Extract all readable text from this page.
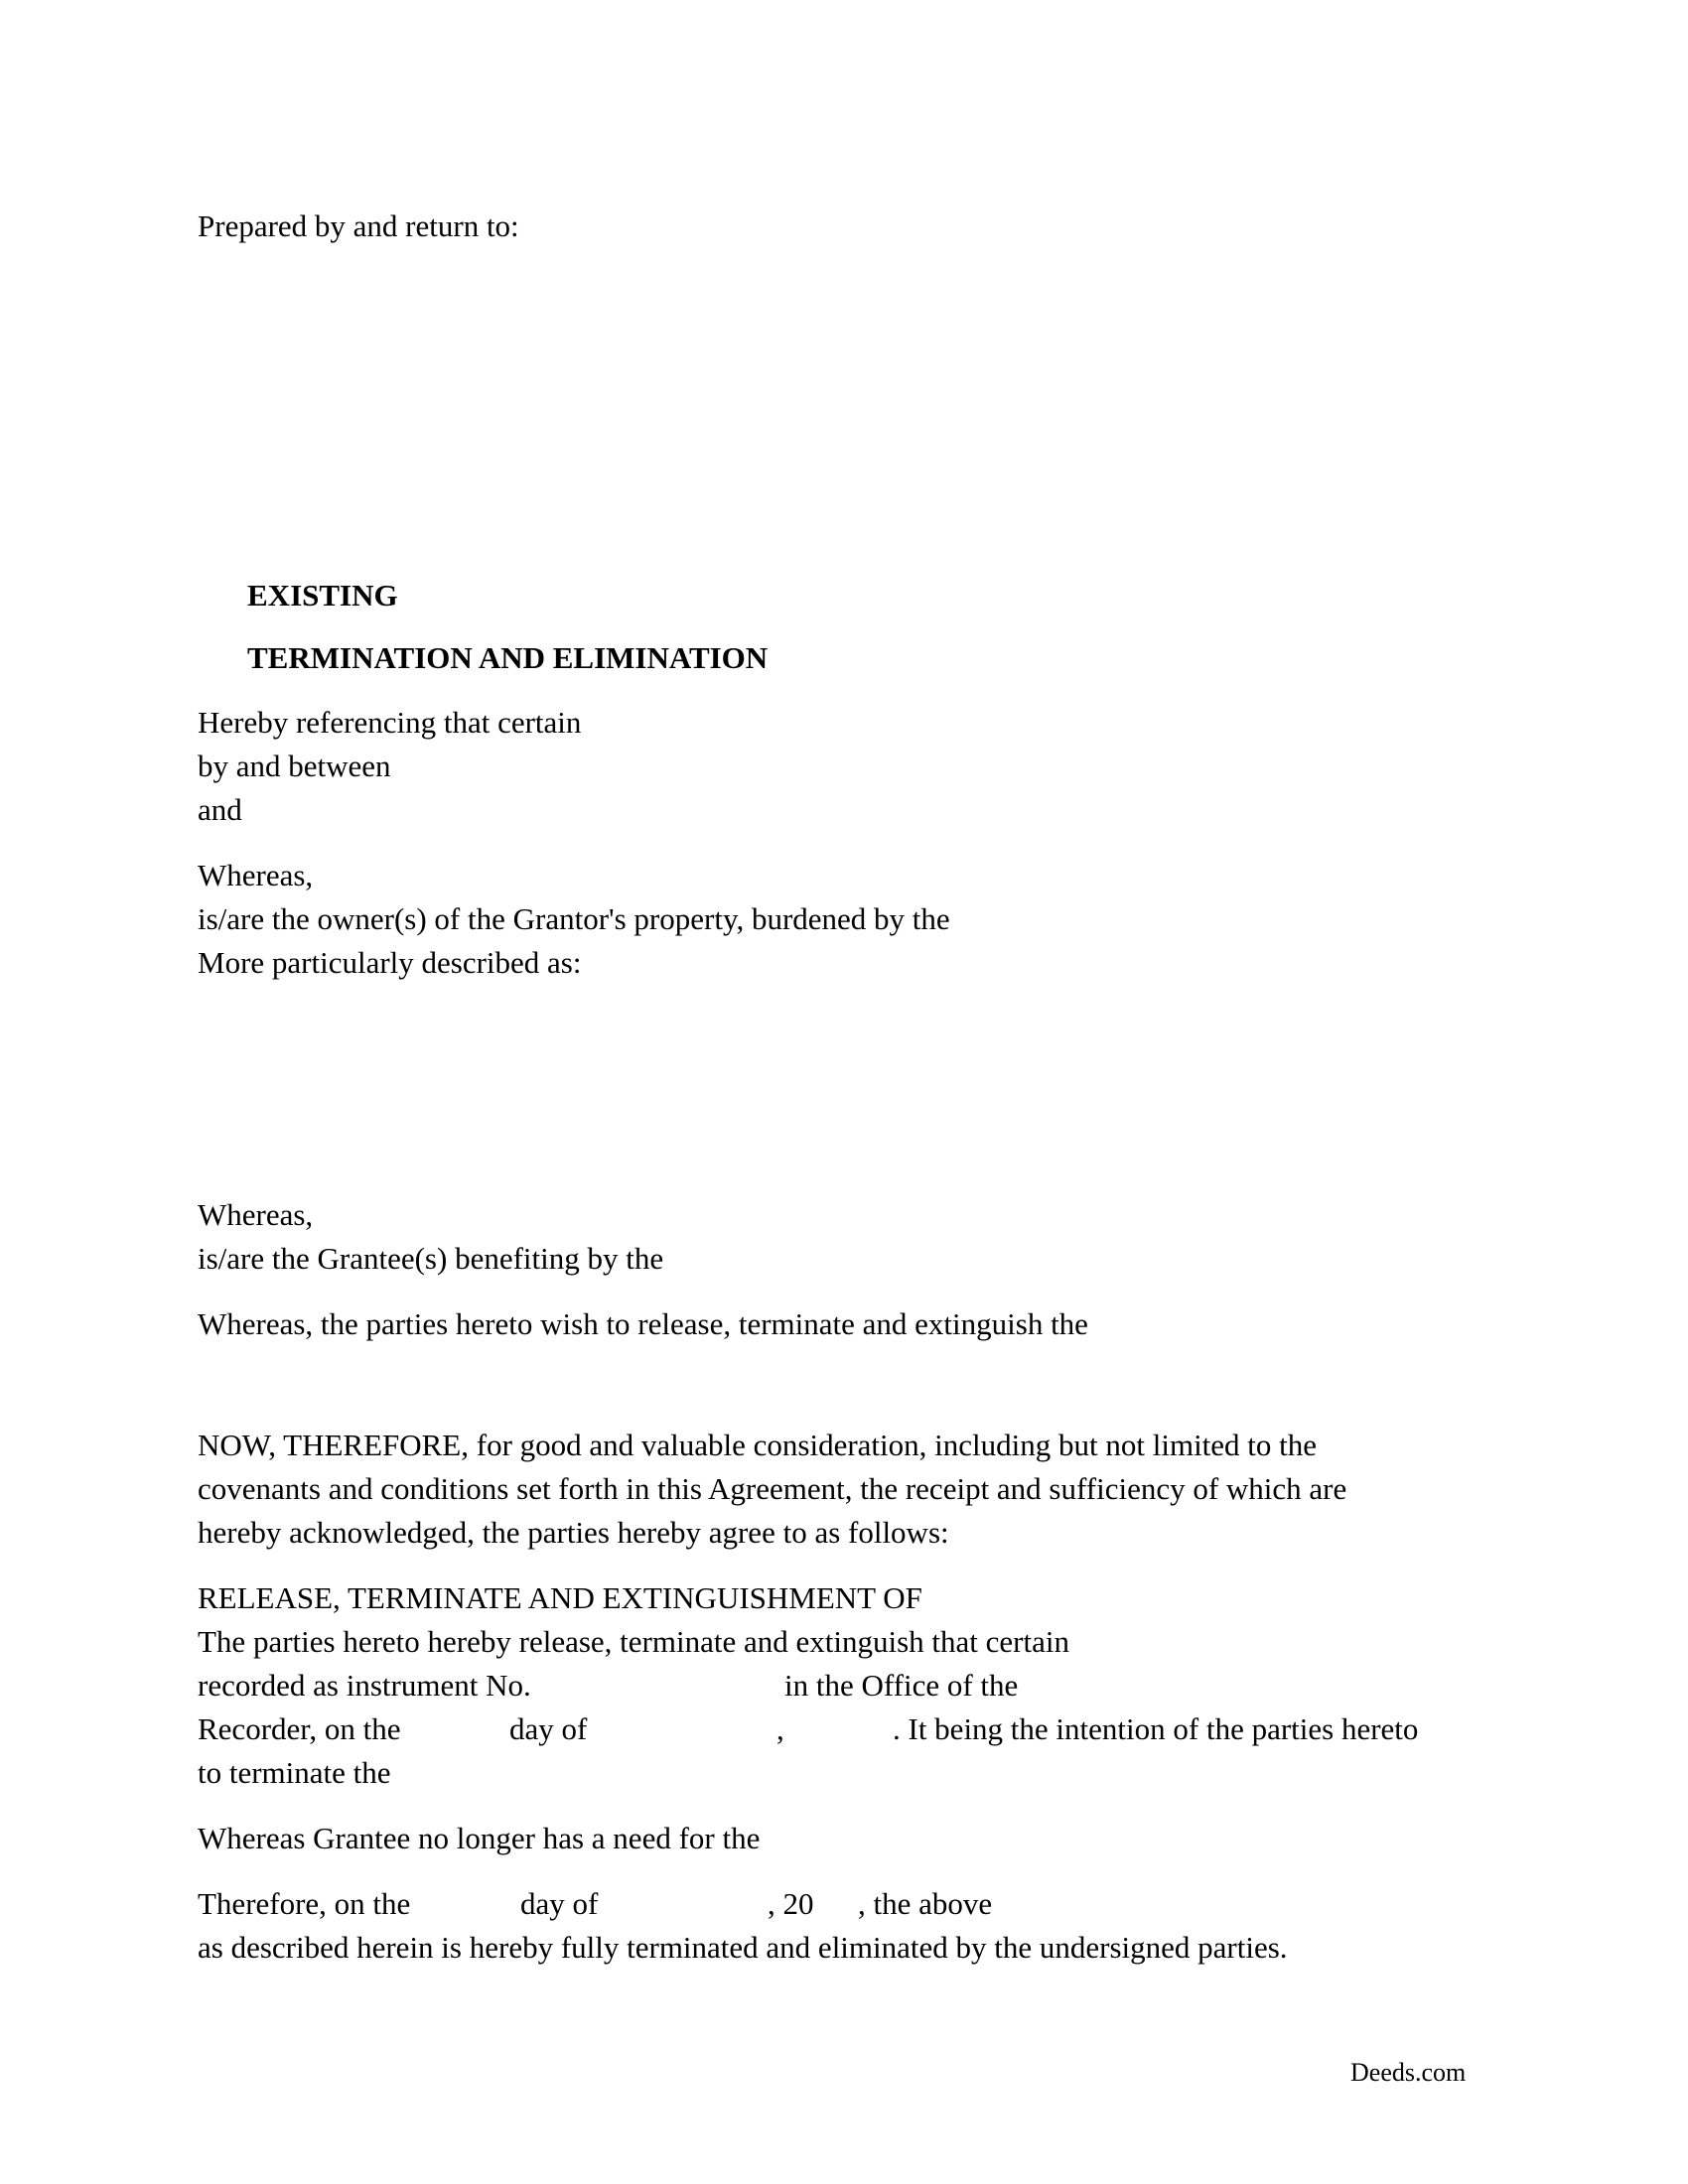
Prepared by and return to:
EXISTING
TERMINATION AND ELIMINATION
Hereby referencing that certain
by and between
and
Whereas,
is/are the owner(s) of the Grantor's property, burdened by the
More particularly described as:
Whereas,
is/are the Grantee(s) benefiting by the
Whereas, the parties hereto wish to release, terminate and extinguish the
NOW, THEREFORE, for good and valuable consideration, including but not limited to the
covenants and conditions set forth in this Agreement, the receipt and sufficiency of which are
hereby acknowledged, the parties hereby agree to as follows:
RELEASE, TERMINATE AND EXTINGUISHMENT OF
The parties hereto hereby release, terminate and extinguish that certain
recorded as instrument No.	in the Office of the
Recorder, on the	day of	,	. It being the intention of the parties hereto
to terminate the
Whereas Grantee no longer has a need for the
Therefore, on the	day of	, 20 , the above
as described herein is hereby fully terminated and eliminated by the undersigned parties.
Deeds.com
